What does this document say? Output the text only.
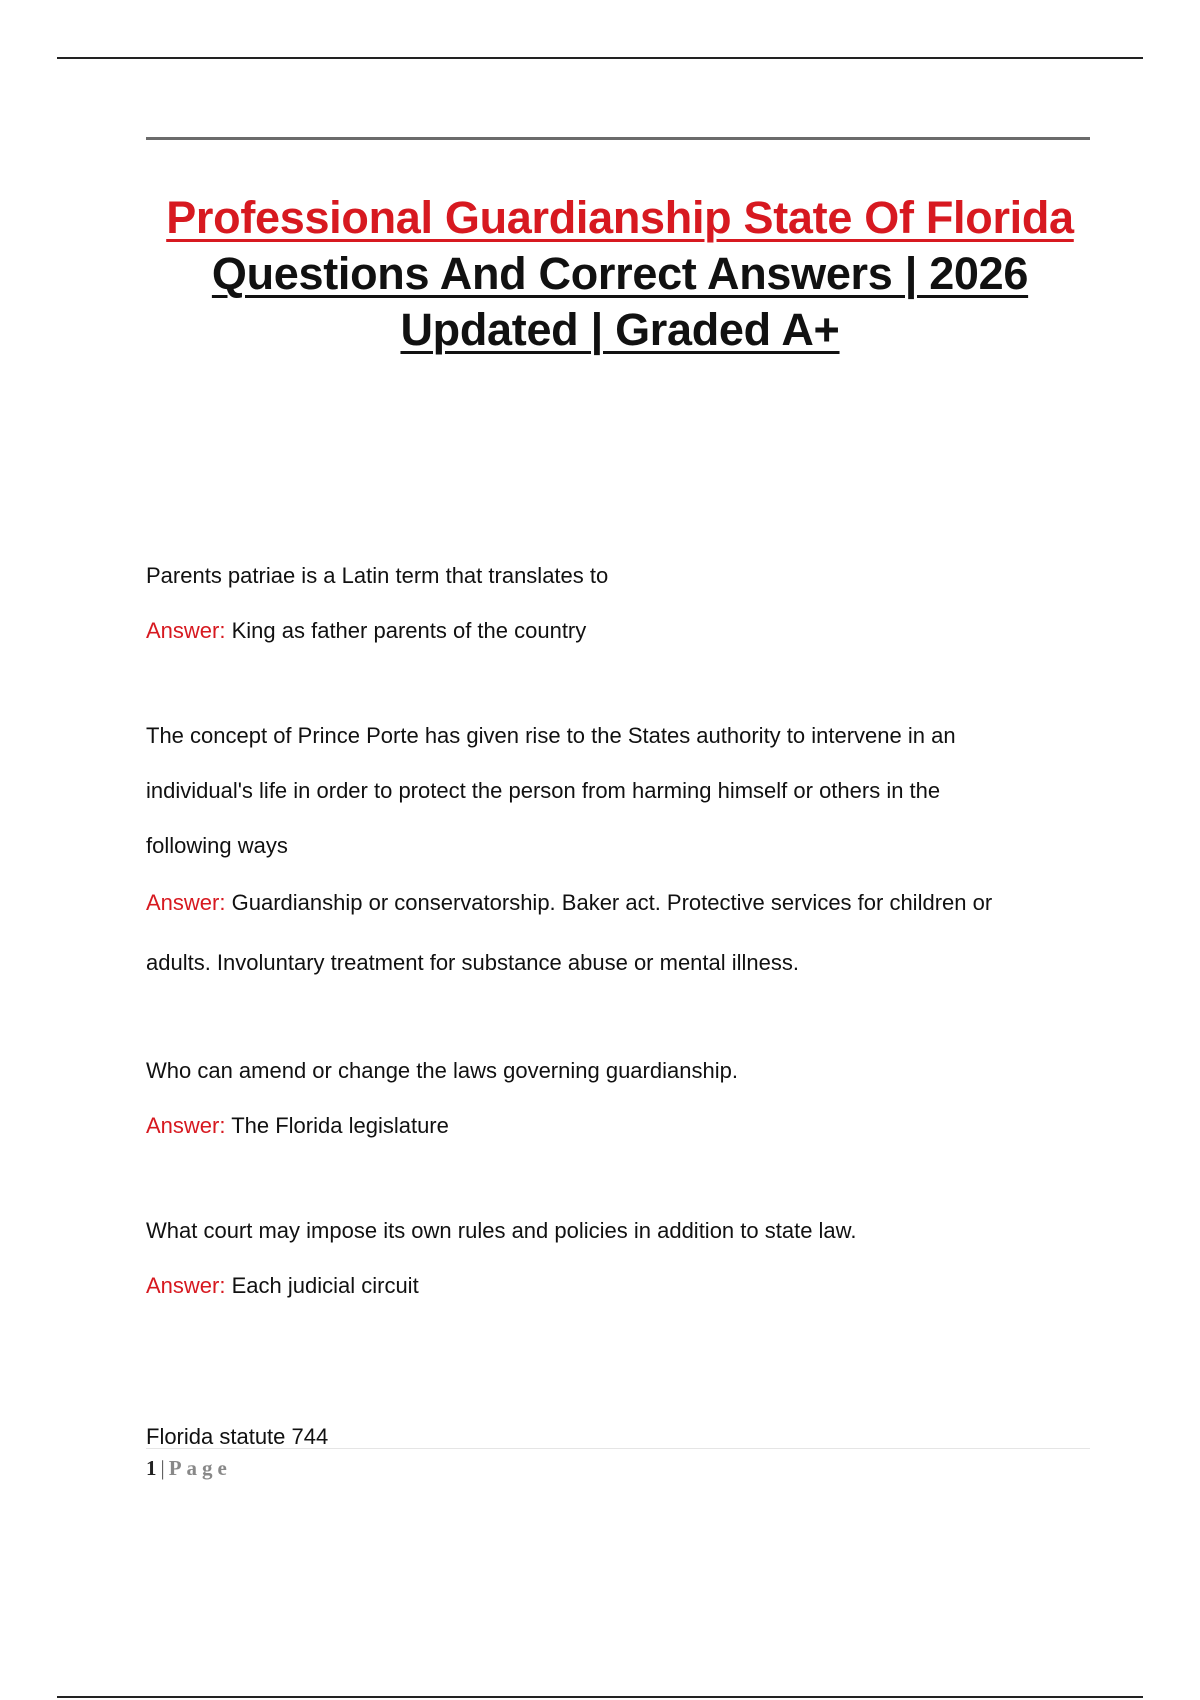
Professional Guardianship State Of Florida
Questions And Correct Answers | 2026
Updated | Graded A+

Parents patriae is a Latin term that translates to

Answer: King as father parents of the country

The concept of Prince Porte has given rise to the States authority to intervene in an
individual's life in order to protect the person from harming himself or others in the
following ways

Answer: Guardianship or conservatorship. Baker act. Protective services for children or
adults. Involuntary treatment for substance abuse or mental illness.

Who can amend or change the laws governing guardianship.

Answer: The Florida legislature

What court may impose its own rules and policies in addition to state law.

Answer: Each judicial circuit

Florida statute 744
1 | Page
